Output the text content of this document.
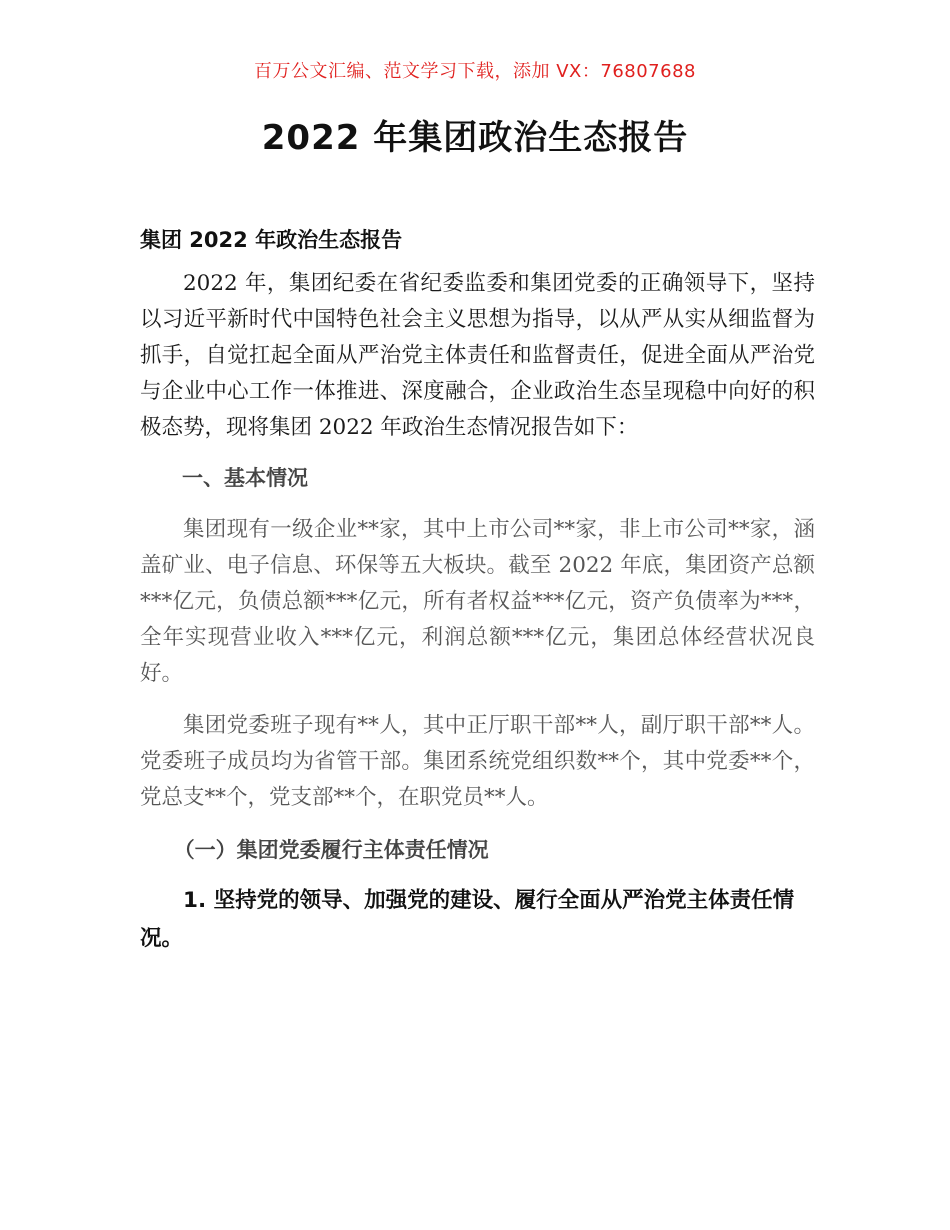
百万公文汇编、范文学习下载，添加 VX：76807688
2022 年集团政治生态报告

集团 2022 年政治生态报告

2022 年，集团纪委在省纪委监委和集团党委的正确领导下，坚持以习近平新时代中国特色社会主义思想为指导，以从严从实从细监督为抓手，自觉扛起全面从严治党主体责任和监督责任，促进全面从严治党与企业中心工作一体推进、深度融合，企业政治生态呈现稳中向好的积极态势，现将集团 2022 年政治生态情况报告如下：

一、基本情况

集团现有一级企业**家，其中上市公司**家，非上市公司**家，涵盖矿业、电子信息、环保等五大板块。截至 2022 年底，集团资产总额***亿元，负债总额***亿元，所有者权益***亿元，资产负债率为***，全年实现营业收入***亿元，利润总额***亿元，集团总体经营状况良好。

集团党委班子现有**人，其中正厅职干部**人，副厅职干部**人。党委班子成员均为省管干部。集团系统党组织数**个，其中党委**个，党总支**个，党支部**个，在职党员**人。

（一）集团党委履行主体责任情况

1. 坚持党的领导、加强党的建设、履行全面从严治党主体责任情况。
